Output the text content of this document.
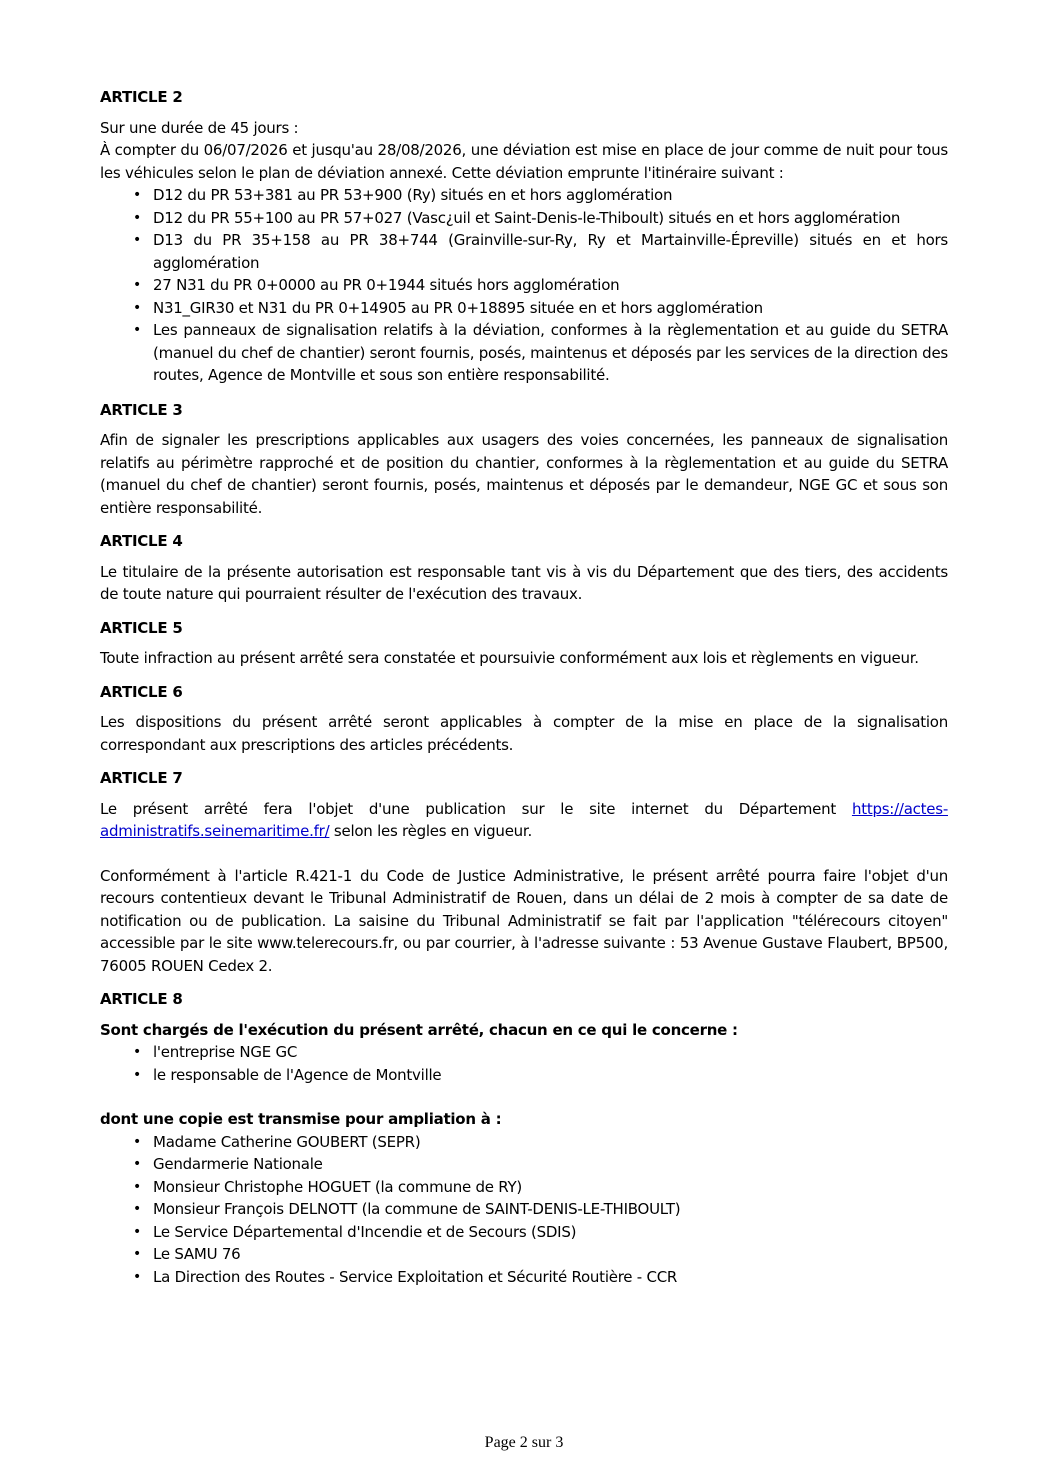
ARTICLE 2

Sur une durée de 45 jours :

À compter du 06/07/2026 et jusqu'au 28/08/2026, une déviation est mise en place de jour comme de nuit pour tous les véhicules selon le plan de déviation annexé. Cette déviation emprunte l'itinéraire suivant :

• D12 du PR 53+381 au PR 53+900 (Ry) situés en et hors agglomération
• D12 du PR 55+100 au PR 57+027 (Vasc¿uil et Saint-Denis-le-Thiboult) situés en et hors agglomération
• D13 du PR 35+158 au PR 38+744 (Grainville-sur-Ry, Ry et Martainville-Épreville) situés en et hors agglomération
• 27 N31 du PR 0+0000 au PR 0+1944 situés hors agglomération
• N31_GIR30 et N31 du PR 0+14905 au PR 0+18895 située en et hors agglomération
• Les panneaux de signalisation relatifs à la déviation, conformes à la règlementation et au guide du SETRA (manuel du chef de chantier) seront fournis, posés, maintenus et déposés par les services de la direction des routes, Agence de Montville et sous son entière responsabilité.
ARTICLE 3

Afin de signaler les prescriptions applicables aux usagers des voies concernées, les panneaux de signalisation relatifs au périmètre rapproché et de position du chantier, conformes à la règlementation et au guide du SETRA (manuel du chef de chantier) seront fournis, posés, maintenus et déposés par le demandeur, NGE GC et sous son entière responsabilité.

ARTICLE 4

Le titulaire de la présente autorisation est responsable tant vis à vis du Département que des tiers, des accidents de toute nature qui pourraient résulter de l'exécution des travaux.

ARTICLE 5

Toute infraction au présent arrêté sera constatée et poursuivie conformément aux lois et règlements en vigueur.

ARTICLE 6

Les dispositions du présent arrêté seront applicables à compter de la mise en place de la signalisation correspondant aux prescriptions des articles précédents.

ARTICLE 7

Le présent arrêté fera l'objet d'une publication sur le site internet du Département https://actes-administratifs.seinemaritime.fr/ selon les règles en vigueur.

Conformément à l'article R.421-1 du Code de Justice Administrative, le présent arrêté pourra faire l'objet d'un recours contentieux devant le Tribunal Administratif de Rouen, dans un délai de 2 mois à compter de sa date de notification ou de publication. La saisine du Tribunal Administratif se fait par l'application "télérecours citoyen" accessible par le site www.telerecours.fr, ou par courrier, à l'adresse suivante : 53 Avenue Gustave Flaubert, BP500, 76005 ROUEN Cedex 2.

ARTICLE 8

Sont chargés de l'exécution du présent arrêté, chacun en ce qui le concerne :

• l'entreprise NGE GC
• le responsable de l'Agence de Montville

dont une copie est transmise pour ampliation à :

• Madame Catherine GOUBERT (SEPR)
• Gendarmerie Nationale
• Monsieur Christophe HOGUET (la commune de RY)
• Monsieur François DELNOTT (la commune de SAINT-DENIS-LE-THIBOULT)
• Le Service Départemental d'Incendie et de Secours (SDIS)
• Le SAMU 76
• La Direction des Routes - Service Exploitation et Sécurité Routière - CCR
Page 2 sur 3
